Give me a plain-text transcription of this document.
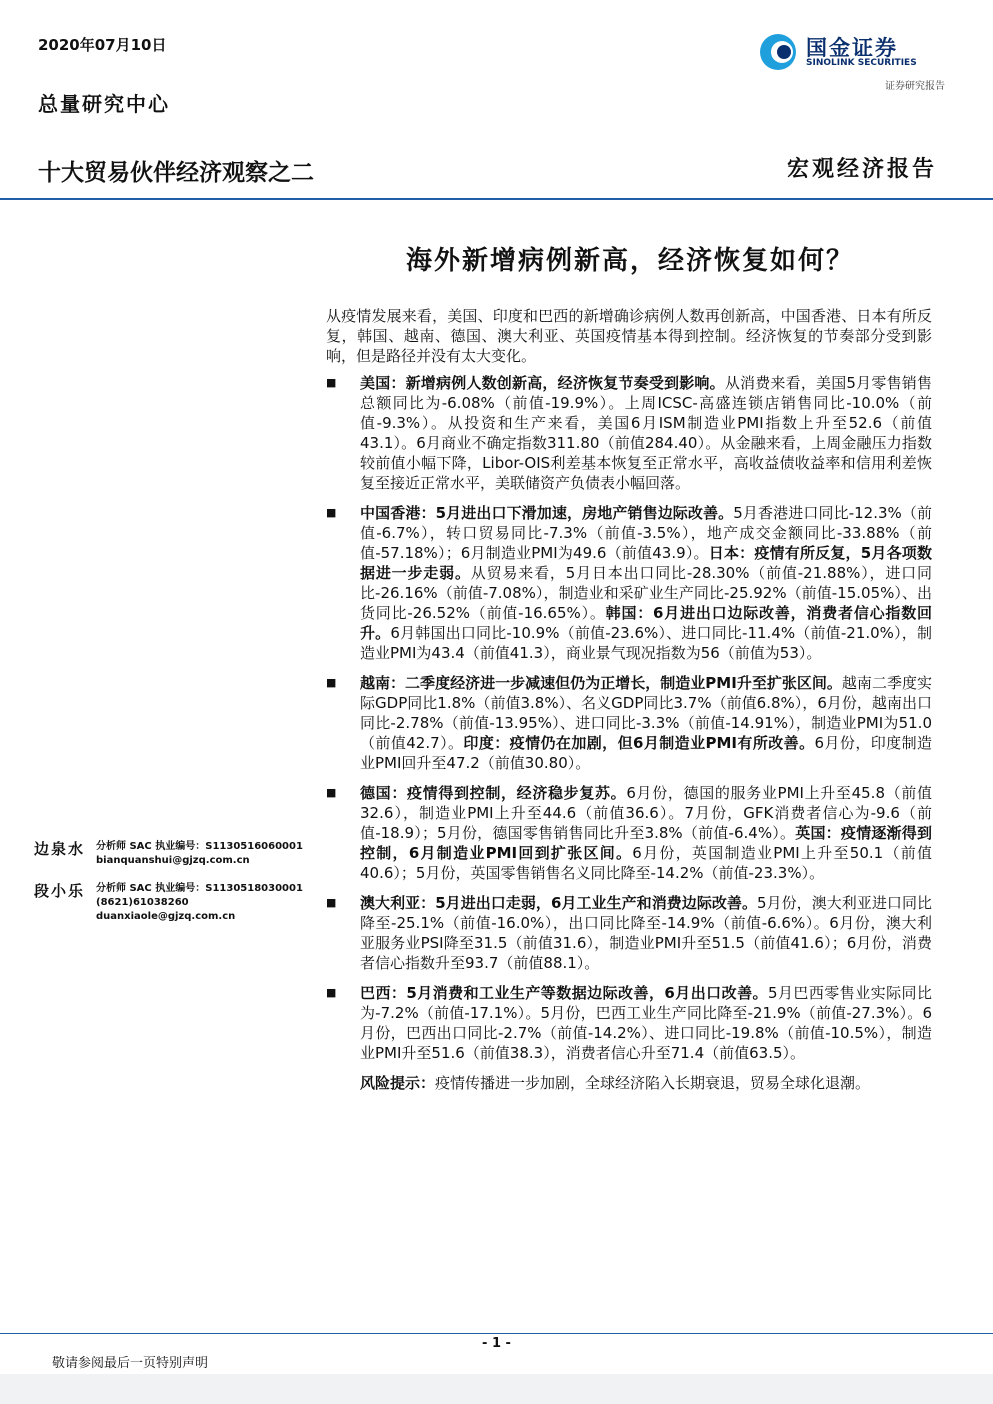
2020年07月10日
总量研究中心
国金证券
SINOLINK SECURITIES
证券研究报告
十大贸易伙伴经济观察之二	宏观经济报告
海外新增病例新高，经济恢复如何？

从疫情发展来看，美国、印度和巴西的新增确诊病例人数再创新高，中国香港、日本有所反复，韩国、越南、德国、澳大利亚、英国疫情基本得到控制。经济恢复的节奏部分受到影响，但是路径并没有太大变化。

■	美国：新增病例人数创新高，经济恢复节奏受到影响。从消费来看，美国5月零售销售总额同比为-6.08%（前值-19.9%）。上周ICSC-高盛连锁店销售同比-10.0%（前值-9.3%）。从投资和生产来看，美国6月ISM制造业PMI指数上升至52.6（前值43.1）。6月商业不确定指数311.80（前值284.40）。从金融来看，上周金融压力指数较前值小幅下降，Libor-OIS利差基本恢复至正常水平，高收益债收益率和信用利差恢复至接近正常水平，美联储资产负债表小幅回落。
■	中国香港：5月进出口下滑加速，房地产销售边际改善。5月香港进口同比-12.3%（前值-6.7%），转口贸易同比-7.3%（前值-3.5%），地产成交金额同比-33.88%（前值-57.18%）；6月制造业PMI为49.6（前值43.9）。日本：疫情有所反复，5月各项数据进一步走弱。从贸易来看，5月日本出口同比-28.30%（前值-21.88%），进口同比-26.16%（前值-7.08%），制造业和采矿业生产同比-25.92%（前值-15.05%）、出货同比-26.52%（前值-16.65%）。韩国：6月进出口边际改善，消费者信心指数回升。6月韩国出口同比-10.9%（前值-23.6%）、进口同比-11.4%（前值-21.0%），制造业PMI为43.4（前值41.3），商业景气现况指数为56（前值为53）。
■	越南：二季度经济进一步减速但仍为正增长，制造业PMI升至扩张区间。越南二季度实际GDP同比1.8%（前值3.8%）、名义GDP同比3.7%（前值6.8%），6月份，越南出口同比-2.78%（前值-13.95%）、进口同比-3.3%（前值-14.91%），制造业PMI为51.0（前值42.7）。印度：疫情仍在加剧，但6月制造业PMI有所改善。6月份，印度制造业PMI回升至47.2（前值30.80）。
■	德国：疫情得到控制，经济稳步复苏。6月份，德国的服务业PMI上升至45.8（前值32.6），制造业PMI上升至44.6（前值36.6）。7月份，GFK消费者信心为-9.6（前值-18.9）；5月份，德国零售销售同比升至3.8%（前值-6.4%）。英国：疫情逐渐得到控制，6月制造业PMI回到扩张区间。6月份，英国制造业PMI上升至50.1（前值40.6）；5月份，英国零售销售名义同比降至-14.2%（前值-23.3%）。
■	澳大利亚：5月进出口走弱，6月工业生产和消费边际改善。5月份，澳大利亚进口同比降至-25.1%（前值-16.0%），出口同比降至-14.9%（前值-6.6%）。6月份，澳大利亚服务业PSI降至31.5（前值31.6），制造业PMI升至51.5（前值41.6）；6月份，消费者信心指数升至93.7（前值88.1）。
■	巴西：5月消费和工业生产等数据边际改善，6月出口改善。5月巴西零售业实际同比为-7.2%（前值-17.1%）。5月份，巴西工业生产同比降至-21.9%（前值-27.3%）。6月份，巴西出口同比-2.7%（前值-14.2%）、进口同比-19.8%（前值-10.5%），制造业PMI升至51.6（前值38.3），消费者信心升至71.4（前值63.5）。
风险提示：疫情传播进一步加剧，全球经济陷入长期衰退，贸易全球化退潮。
边泉水 分析师 SAC 执业编号：S1130516060001
bianquanshui@gjzq.com.cn
段小乐 分析师 SAC 执业编号：S1130518030001
(8621)61038260
duanxiaole@gjzq.com.cn
- 1 -
敬请参阅最后一页特别声明
